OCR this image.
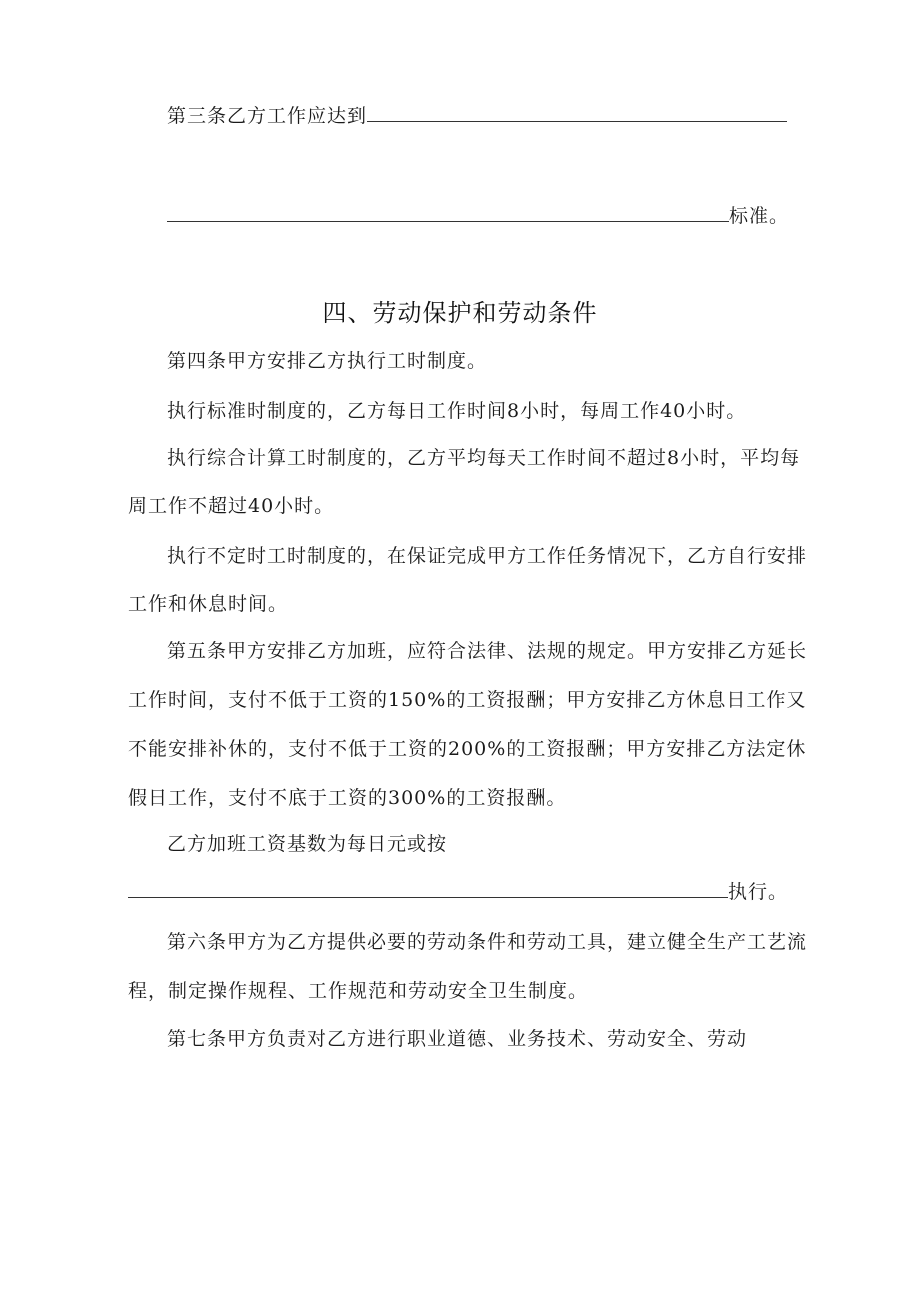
第三条乙方工作应达到
标准。
四、劳动保护和劳动条件
第四条甲方安排乙方执行工时制度。
执行标准时制度的，乙方每日工作时间8小时，每周工作40小时。
执行综合计算工时制度的，乙方平均每天工作时间不超过8小时，平均每
周工作不超过40小时。
执行不定时工时制度的，在保证完成甲方工作任务情况下，乙方自行安排
工作和休息时间。
第五条甲方安排乙方加班，应符合法律、法规的规定。甲方安排乙方延长
工作时间，支付不低于工资的150%的工资报酬；甲方安排乙方休息日工作又
不能安排补休的，支付不低于工资的200%的工资报酬；甲方安排乙方法定休
假日工作，支付不底于工资的300%的工资报酬。
乙方加班工资基数为每日元或按
执行。
第六条甲方为乙方提供必要的劳动条件和劳动工具，建立健全生产工艺流
程，制定操作规程、工作规范和劳动安全卫生制度。
第七条甲方负责对乙方进行职业道德、业务技术、劳动安全、劳动
